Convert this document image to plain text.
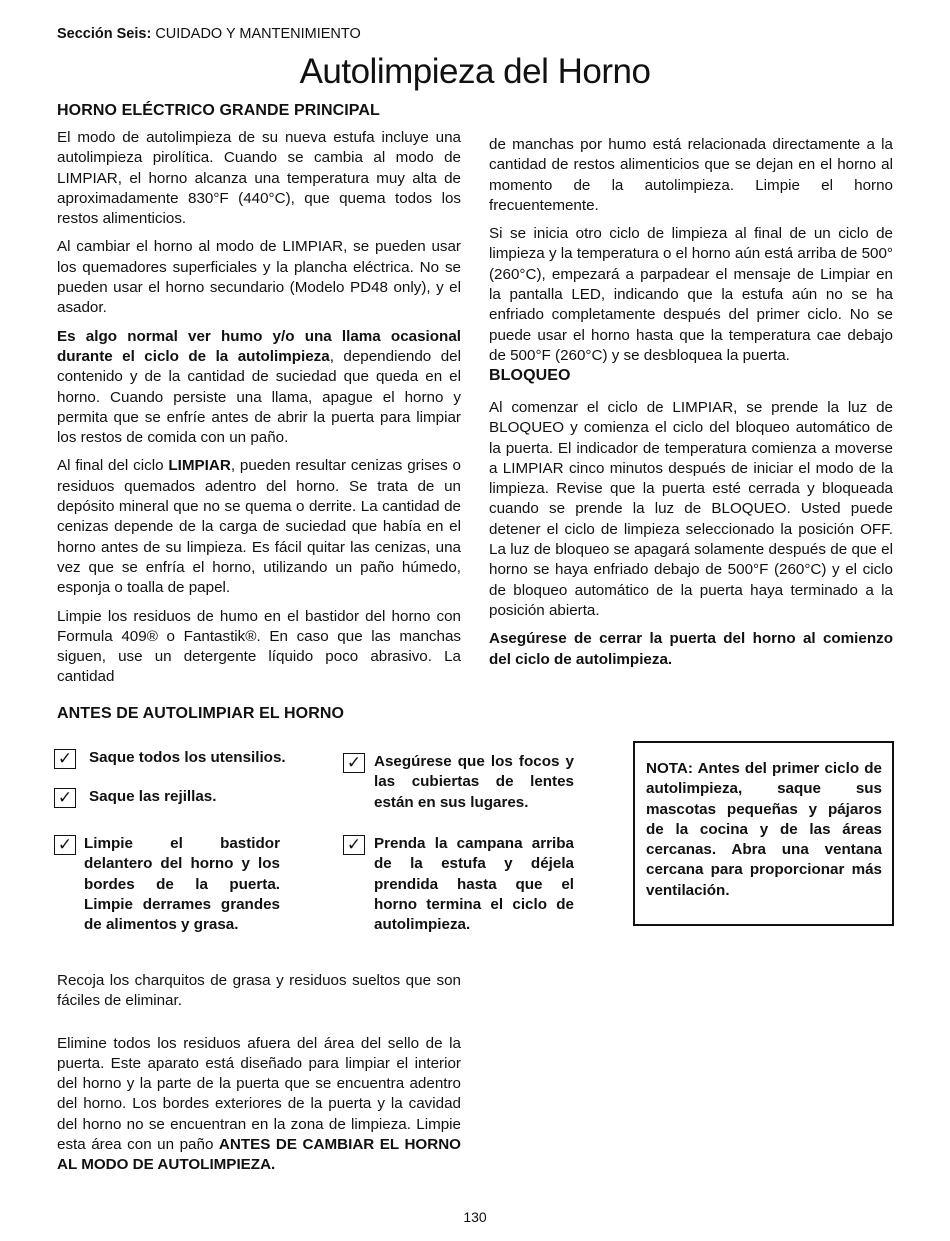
Sección Seis: CUIDADO Y MANTENIMIENTO
Autolimpieza del Horno
HORNO ELÉCTRICO GRANDE PRINCIPAL

El modo de autolimpieza de su nueva estufa incluye una autolimpieza pirolítica. Cuando se cambia al modo de LIMPIAR, el horno alcanza una temperatura muy alta de aproximadamente 830°F (440°C), que quema todos los restos alimenticios.

Al cambiar el horno al modo de LIMPIAR, se pueden usar los quemadores superficiales y la plancha eléctrica. No se pueden usar el horno secundario (Modelo PD48 only), y el asador.

Es algo normal ver humo y/o una llama ocasional durante el ciclo de la autolimpieza, dependiendo del contenido y de la cantidad de suciedad que queda en el horno. Cuando persiste una llama, apague el horno y permita que se enfríe antes de abrir la puerta para limpiar los restos de comida con un paño.

Al final del ciclo LIMPIAR, pueden resultar cenizas grises o residuos quemados adentro del horno. Se trata de un depósito mineral que no se quema o derrite. La cantidad de cenizas depende de la carga de suciedad que había en el horno antes de su limpieza. Es fácil quitar las cenizas, una vez que se enfría el horno, utilizando un paño húmedo, esponja o toalla de papel.

Limpie los residuos de humo en el bastidor del horno con Formula 409® o Fantastik®. En caso que las manchas siguen, use un detergente líquido poco abrasivo. La cantidad

de manchas por humo está relacionada directamente a la cantidad de restos alimenticios que se dejan en el horno al momento de la autolimpieza. Limpie el horno frecuentemente.

Si se inicia otro ciclo de limpieza al final de un ciclo de limpieza y la temperatura o el horno aún está arriba de 500° (260°C), empezará a parpadear el mensaje de Limpiar en la pantalla LED, indicando que la estufa aún no se ha enfriado completamente después del primer ciclo. No se puede usar el horno hasta que la temperatura cae debajo de 500°F (260°C) y se desbloquea la puerta.

BLOQUEO

Al comenzar el ciclo de LIMPIAR, se prende la luz de BLOQUEO y comienza el ciclo del bloqueo automático de la puerta. El indicador de temperatura comienza a moverse a LIMPIAR cinco minutos después de iniciar el modo de la limpieza. Revise que la puerta esté cerrada y bloqueada cuando se prende la luz de BLOQUEO. Usted puede detener el ciclo de limpieza seleccionado la posición OFF. La luz de bloqueo se apagará solamente después de que el horno se haya enfriado debajo de 500°F (260°C) y el ciclo de bloqueo automático de la puerta haya terminado a la posición abierta.

Asegúrese de cerrar la puerta del horno al comienzo del ciclo de autolimpieza.

ANTES DE AUTOLIMPIAR EL HORNO
✓ Saque todos los utensilios.
✓ Saque las rejillas.
✓ Limpie el bastidor delantero del horno y los bordes de la puerta. Limpie derrames grandes de alimentos y grasa.
✓ Asegúrese que los focos y las cubiertas de lentes están en sus lugares.
✓ Prenda la campana arriba de la estufa y déjela prendida hasta que el horno termina el ciclo de autolimpieza.
NOTA: Antes del primer ciclo de autolimpieza, saque sus mascotas pequeñas y pájaros de la cocina y de las áreas cercanas. Abra una ventana cercana para proporcionar más ventilación.

Recoja los charquitos de grasa y residuos sueltos que son fáciles de eliminar.

Elimine todos los residuos afuera del área del sello de la puerta. Este aparato está diseñado para limpiar el interior del horno y la parte de la puerta que se encuentra adentro del horno. Los bordes exteriores de la puerta y la cavidad del horno no se encuentran en la zona de limpieza. Limpie esta área con un paño ANTES DE CAMBIAR EL HORNO AL MODO DE AUTOLIMPIEZA.

130
